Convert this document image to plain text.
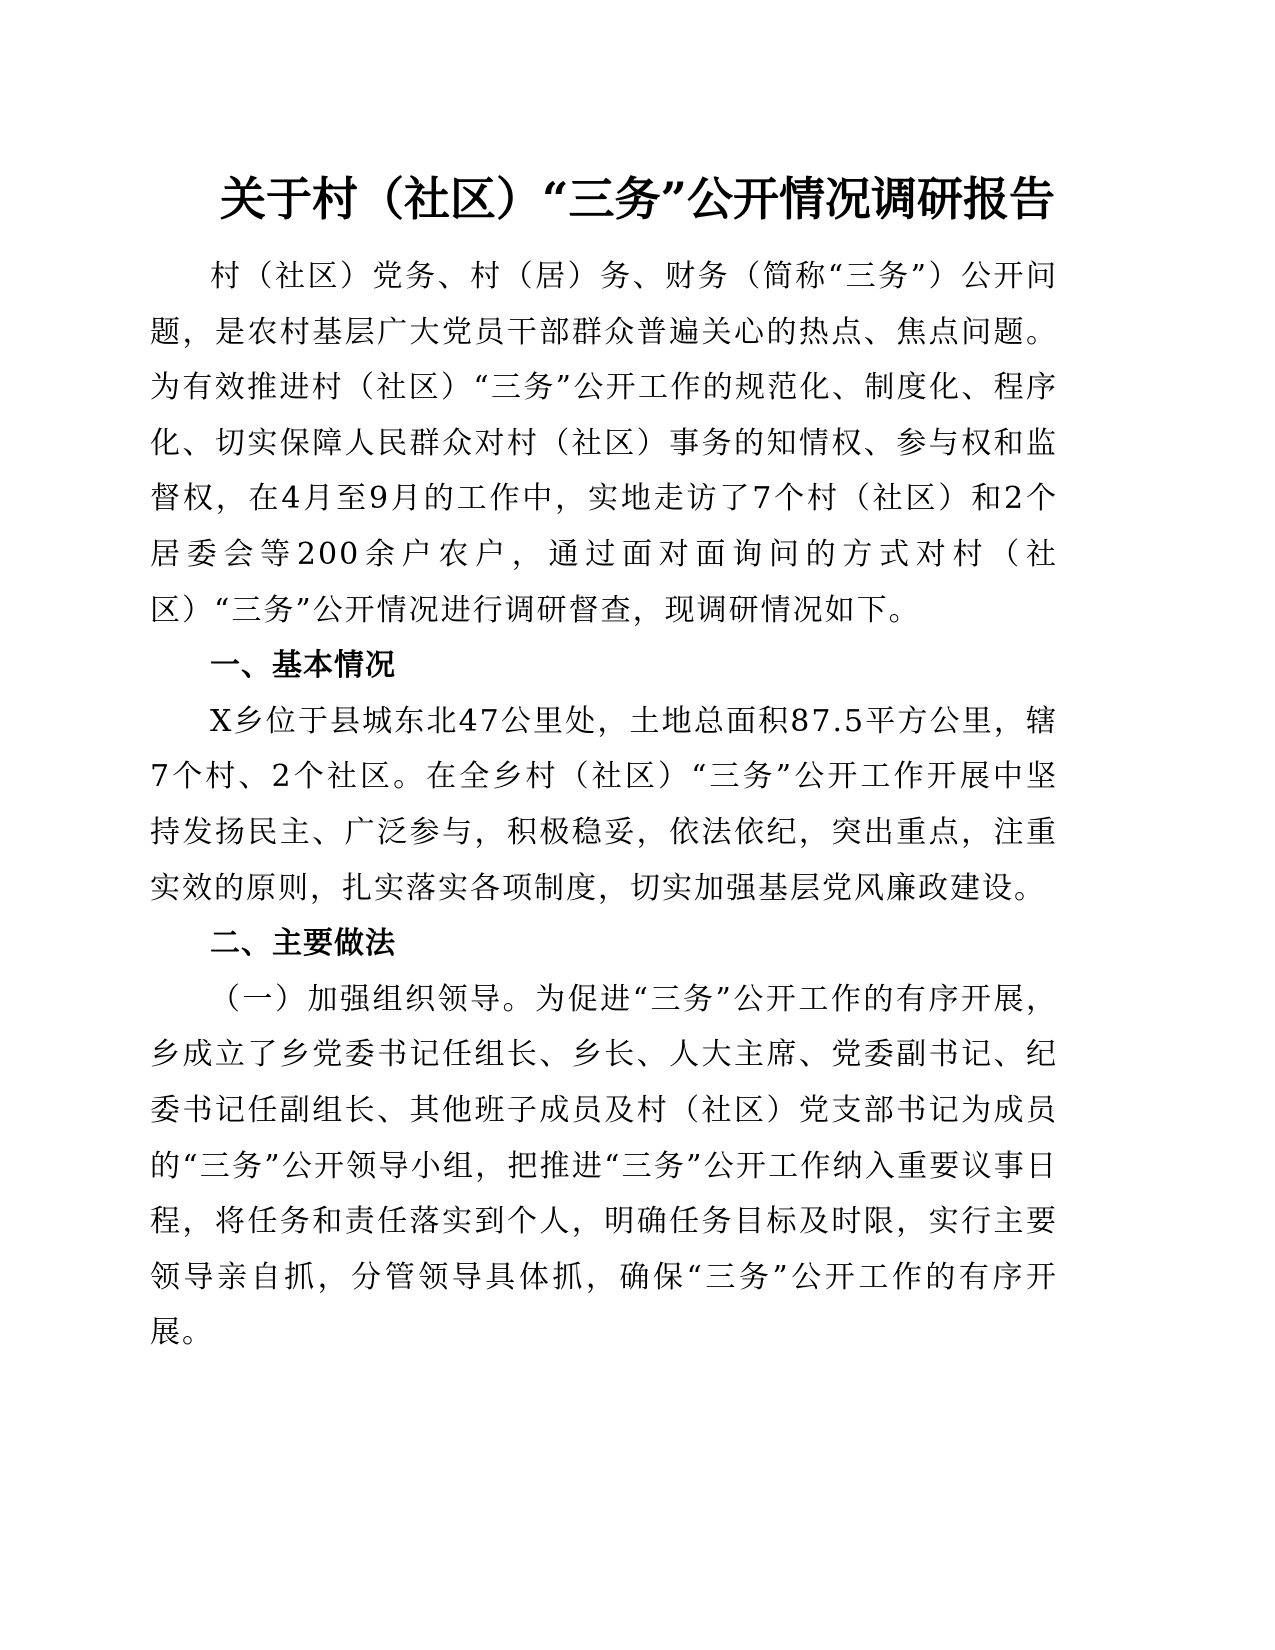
关于村（社区）“三务”公开情况调研报告

村（社区）党务、村（居）务、财务（简称“三务”）公开问题，是农村基层广大党员干部群众普遍关心的热点、焦点问题。为有效推进村（社区）“三务”公开工作的规范化、制度化、程序化、切实保障人民群众对村（社区）事务的知情权、参与权和监督权，在4月至9月的工作中，实地走访了7个村（社区）和2个居委会等200余户农户，通过面对面询问的方式对村（社区）“三务”公开情况进行调研督查，现调研情况如下。

一、基本情况

X乡位于县城东北47公里处，土地总面积87.5平方公里，辖7个村、2个社区。在全乡村（社区）“三务”公开工作开展中坚持发扬民主、广泛参与，积极稳妥，依法依纪，突出重点，注重实效的原则，扎实落实各项制度，切实加强基层党风廉政建设。

二、主要做法

（一）加强组织领导。为促进“三务”公开工作的有序开展，乡成立了乡党委书记任组长、乡长、人大主席、党委副书记、纪委书记任副组长、其他班子成员及村（社区）党支部书记为成员的“三务”公开领导小组，把推进“三务”公开工作纳入重要议事日程，将任务和责任落实到个人，明确任务目标及时限，实行主要领导亲自抓，分管领导具体抓，确保“三务”公开工作的有序开展。
